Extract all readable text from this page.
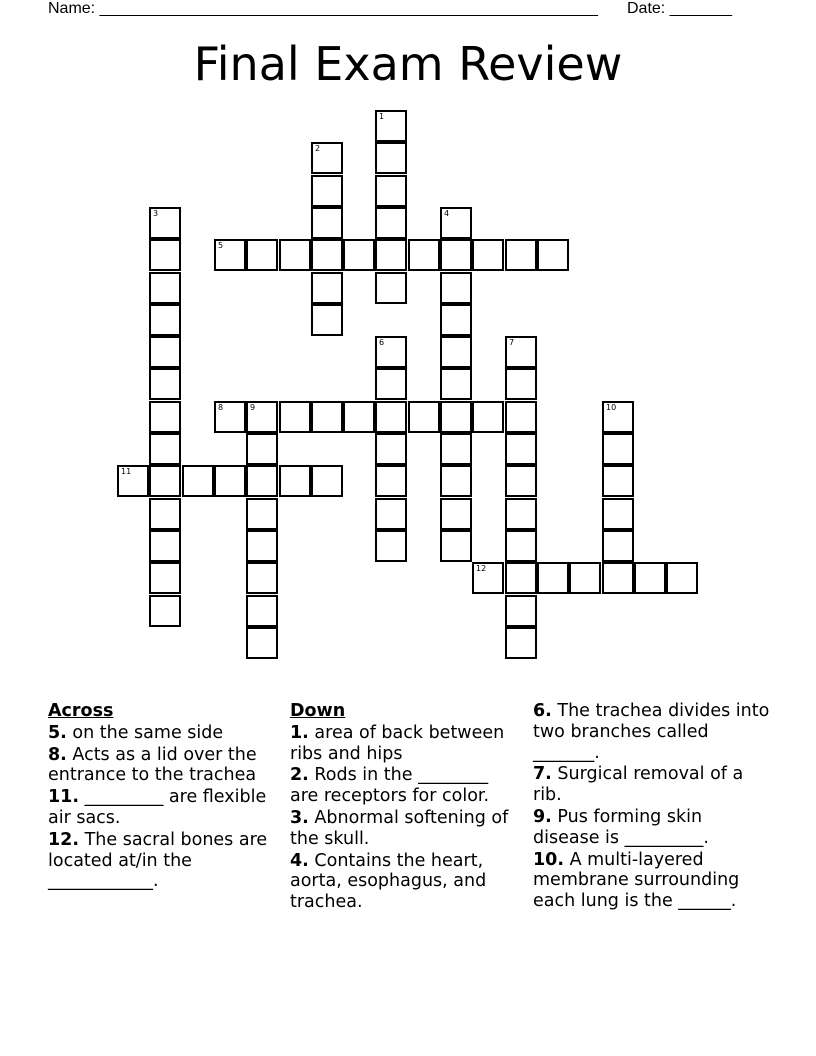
Name: ________________________________________________________ Date: _______
Final Exam Review
1
2
3	4
5
6	7
8	9	10
11
12
Across
5. on the same side
8. Acts as a lid over the entrance to the trachea
11. _________ are flexible air sacs.
12. The sacral bones are located at/in the ____________.
Down
1. area of back between ribs and hips
2. Rods in the ________ are receptors for color.
3. Abnormal softening of the skull.
4. Contains the heart, aorta, esophagus, and trachea.
6. The trachea divides into two branches called _______.
7. Surgical removal of a rib.
9. Pus forming skin disease is _________.
10. A multi-layered membrane surrounding each lung is the ______.
